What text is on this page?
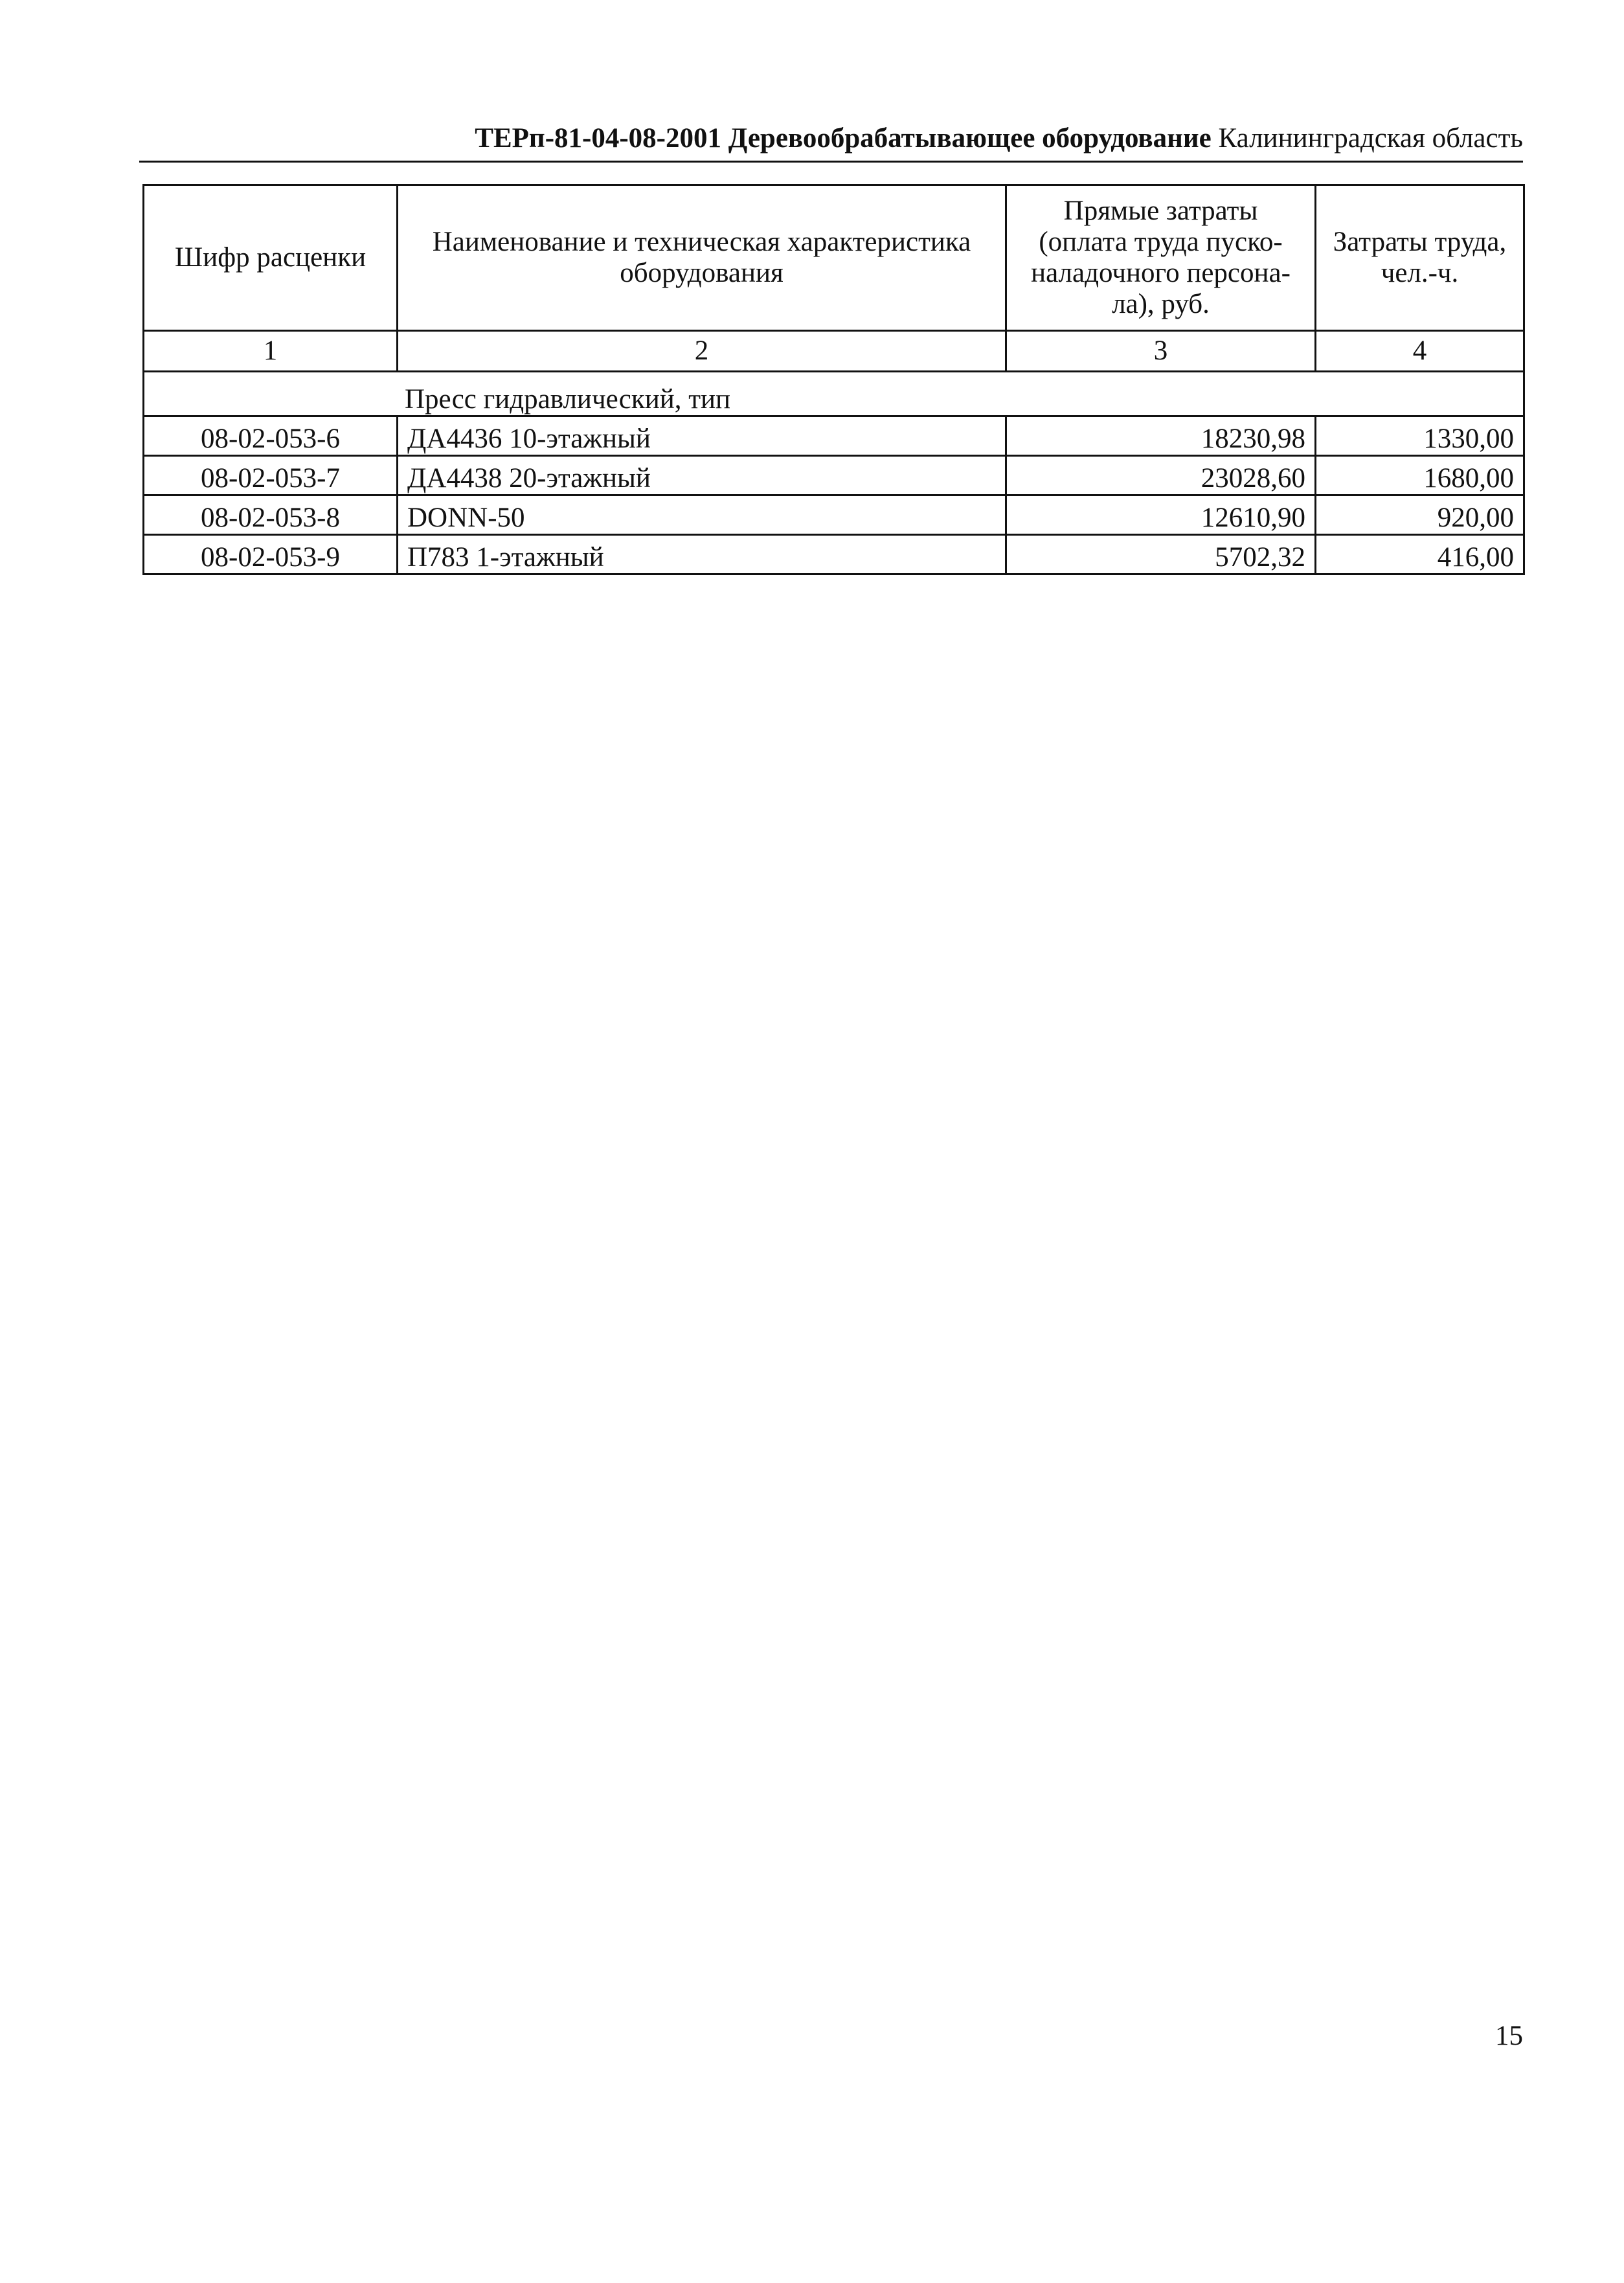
ТЕРп-81-04-08-2001 Деревообрабатывающее оборудование Калининградская область
Шифр расценки	Наименование и техническая характеристика оборудования	Прямые затраты (оплата труда пуско-наладочного персона-ла), руб.	Затраты труда, чел.-ч.
1	2	3	4
Пресс гидравлический, тип			
08-02-053-6	ДА4436 10-этажный	18230,98	1330,00
08-02-053-7	ДА4438 20-этажный	23028,60	1680,00
08-02-053-8	DONN-50	12610,90	920,00
08-02-053-9	П783 1-этажный	5702,32	416,00
15
